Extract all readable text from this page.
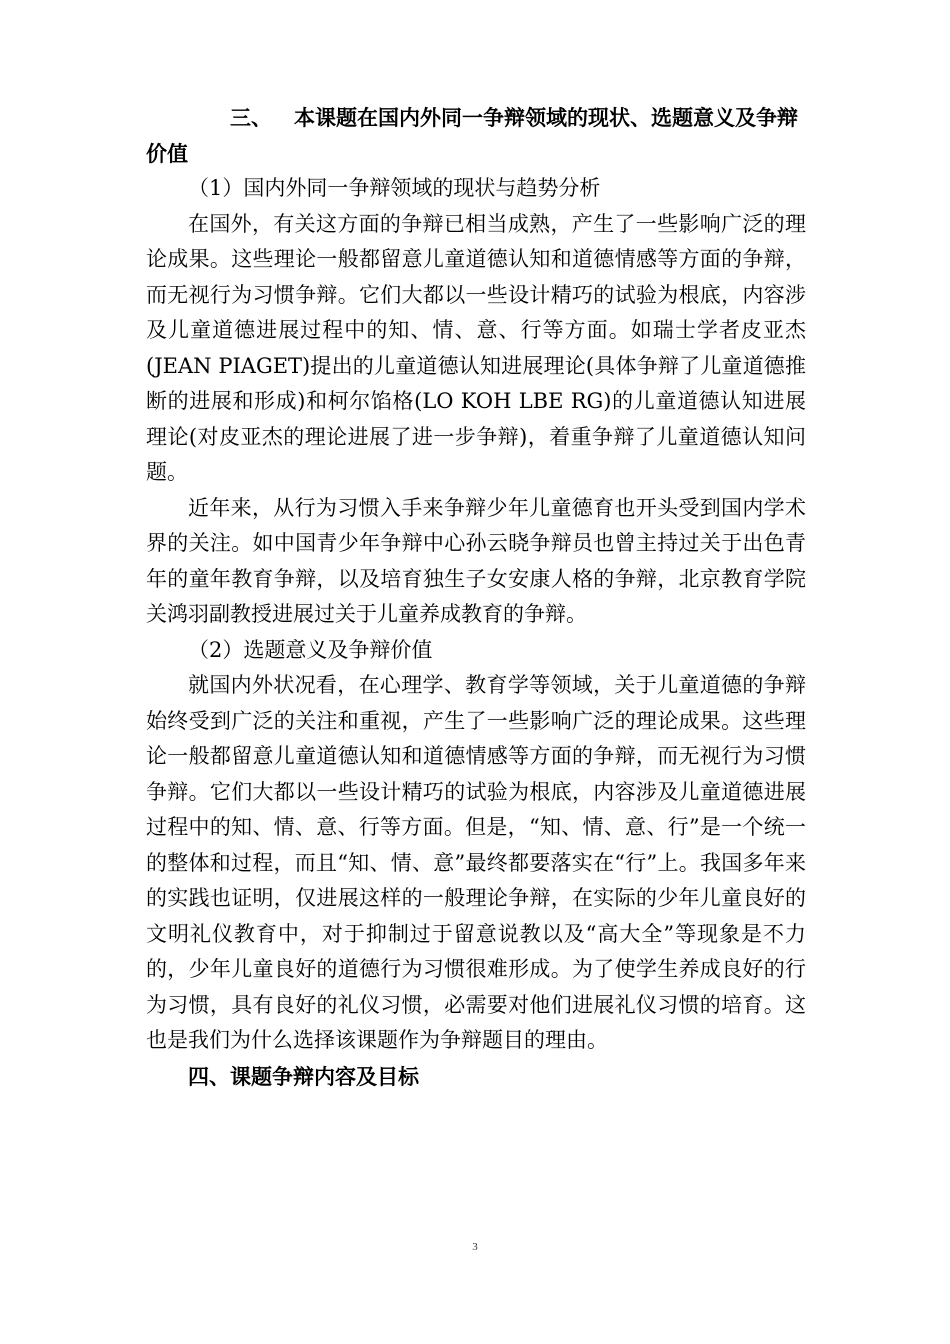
三、 本课题在国内外同一争辩领域的现状、选题意义及争辩价值

（1）国内外同一争辩领域的现状与趋势分析

在国外，有关这方面的争辩已相当成熟，产生了一些影响广泛的理论成果。这些理论一般都留意儿童道德认知和道德情感等方面的争辩，而无视行为习惯争辩。它们大都以一些设计精巧的试验为根底，内容涉及儿童道德进展过程中的知、情、意、行等方面。如瑞士学者皮亚杰(JEAN PIAGET)提出的儿童道德认知进展理论(具体争辩了儿童道德推断的进展和形成)和柯尔馅格(LO KOH LBE RG)的儿童道德认知进展理论(对皮亚杰的理论进展了进一步争辩)，着重争辩了儿童道德认知问题。

近年来，从行为习惯入手来争辩少年儿童德育也开头受到国内学术界的关注。如中国青少年争辩中心孙云晓争辩员也曾主持过关于出色青年的童年教育争辩，以及培育独生子女安康人格的争辩，北京教育学院关鸿羽副教授进展过关于儿童养成教育的争辩。

（2）选题意义及争辩价值

就国内外状况看，在心理学、教育学等领域，关于儿童道德的争辩始终受到广泛的关注和重视，产生了一些影响广泛的理论成果。这些理论一般都留意儿童道德认知和道德情感等方面的争辩，而无视行为习惯争辩。它们大都以一些设计精巧的试验为根底，内容涉及儿童道德进展过程中的知、情、意、行等方面。但是，“知、情、意、行”是一个统一的整体和过程，而且“知、情、意”最终都要落实在“行”上。我国多年来的实践也证明，仅进展这样的一般理论争辩，在实际的少年儿童良好的文明礼仪教育中，对于抑制过于留意说教以及“高大全”等现象是不力的，少年儿童良好的道德行为习惯很难形成。为了使学生养成良好的行为习惯，具有良好的礼仪习惯，必需要对他们进展礼仪习惯的培育。这也是我们为什么选择该课题作为争辩题目的理由。

四、课题争辩内容及目标

3
